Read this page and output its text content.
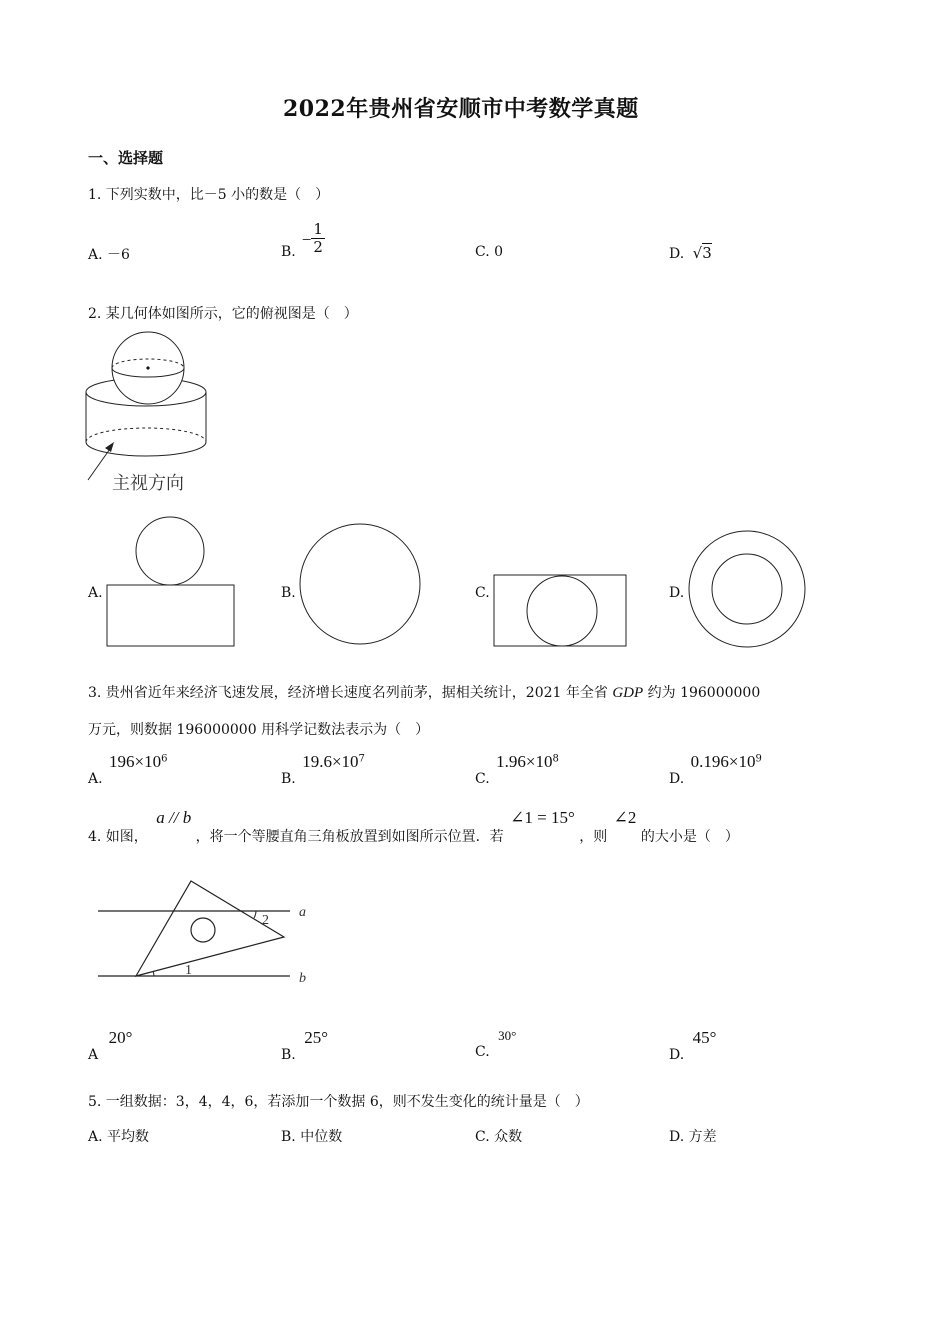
2022年贵州省安顺市中考数学真题
一、选择题
1. 下列实数中，比－5 小的数是（　）
A. －6	B.
− $\frac{1}{2}$	C. 0	D. √3
2. 某几何体如图所示，它的俯视图是（　）
主视方向
A.	B.	C.	D.
3. 贵州省近年来经济飞速发展，经济增长速度名列前茅，据相关统计，2021 年全省 GDP 约为 196000000
万元，则数据 196000000 用科学记数法表示为（　）
A. $196\times 10^6$
B. $19.6\times 10^7$
C. $1.96\times 10^8$
D. $0.196\times 10^9$
4. 如图， a // b ，将一个等腰直角三角板放置到如图所示位置．若 ∠1 = 15° ，则 ∠2 的大小是（　）
a
b
1
2
A 20°
B. 25°
C. 30°
D. 45°
5. 一组数据：3，4，4，6，若添加一个数据 6，则不发生变化的统计量是（　）
A. 平均数	B. 中位数	C. 众数	D. 方差
